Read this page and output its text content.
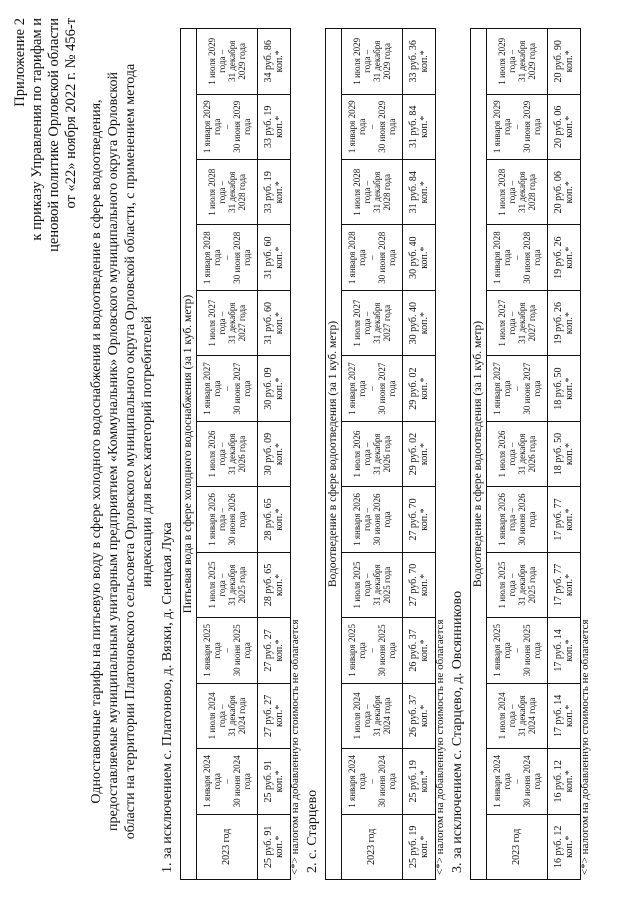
Приложение 2 к приказу Управления по тарифам и ценовой политике Орловской области от «22» ноября 2022 г. № 456-т Одноставочные тарифы на питьевую воду в сфере холодного водоснабжения и водоотведение в сфере водоотведения, предоставляемые муниципальным унитарным предприятием «Коммунальник» Орловского муниципального округа Орловской области на территории Платоновского сельсовета Орловского муниципального округа Орловской области, с применением метода индексации для всех категорий потребителей
1. за исключением с. Платоново, д. Вязки, д. Снецкая Лука
Питьевая вода в сфере холодного водоснабжения (за 1 куб. метр)												

2023 год	1 января 2024 года – 30 июня 2024 года	1 июля 2024 года – 31 декабря 2024 года	1 января 2025 года – 30 июня 2025 года	1 июля 2025 года – 31 декабря 2025 года	1 января 2026 года – 30 июня 2026 года	1 июля 2026 года – 31 декабря 2026 года	1 января 2027 года – 30 июня 2027 года	1 июля 2027 года – 31 декабря 2027 года	1 января 2028 года – 30 июня 2028 года	1 июля 2028 года – 31 декабря 2028 года	1 января 2029 года – 30 июня 2029 года	1 июля 2029 года – 31 декабря 2029 года

25 руб. 91 коп.*	25 руб. 91 коп.*	27 руб. 27 коп.*	27 руб. 27 коп.*	28 руб. 65 коп.*	28 руб. 65 коп.*	30 руб. 09 коп.*	30 руб. 09 коп.*	31 руб. 60 коп.*	31 руб. 60 коп.*	33 руб. 19 коп.*	33 руб. 19 коп.*	34 руб. 86 коп.*
<*> налогом на добавленную стоимость не облагается 2. с. Старцево
Водоотведение в сфере водоотведения (за 1 куб. метр)												

2023 год	1 января 2024 года – 30 июня 2024 года	1 июля 2024 года – 31 декабря 2024 года	1 января 2025 года – 30 июня 2025 года	1 июля 2025 года – 31 декабря 2025 года	1 января 2026 года – 30 июня 2026 года	1 июля 2026 года – 31 декабря 2026 года	1 января 2027 года – 30 июня 2027 года	1 июля 2027 года – 31 декабря 2027 года	1 января 2028 года – 30 июня 2028 года	1 июля 2028 года – 31 декабря 2028 года	1 января 2029 года – 30 июня 2029 года	1 июля 2029 года – 31 декабря 2029 года

25 руб. 19 коп.*	25 руб. 19 коп.*	26 руб. 37 коп.*	26 руб. 37 коп.*	27 руб. 70 коп.*	27 руб. 70 коп.*	29 руб. 02 коп.*	29 руб. 02 коп.*	30 руб. 40 коп.*	30 руб. 40 коп.*	31 руб. 84 коп.*	31 руб. 84 коп.*	33 руб. 36 коп.*
<*> налогом на добавленную стоимость не облагается 3. за исключением с. Старцево, д. Овсянниково
Водоотведение в сфере водоотведения (за 1 куб. метр)												

2023 год	1 января 2024 года – 30 июня 2024 года	1 июля 2024 года – 31 декабря 2024 года	1 января 2025 года – 30 июня 2025 года	1 июля 2025 года – 31 декабря 2025 года	1 января 2026 года – 30 июня 2026 года	1 июля 2026 года – 31 декабря 2026 года	1 января 2027 года – 30 июня 2027 года	1 июля 2027 года – 31 декабря 2027 года	1 января 2028 года – 30 июня 2028 года	1 июля 2028 года – 31 декабря 2028 года	1 января 2029 года – 30 июня 2029 года	1 июля 2029 года – 31 декабря 2029 года

16 руб. 12 коп.*	16 руб. 12 коп.*	17 руб. 14 коп.*	17 руб. 14 коп.*	17 руб. 77 коп.*	17 руб. 77 коп.*	18 руб. 50 коп.*	18 руб. 50 коп.*	19 руб. 26 коп.*	19 руб. 26 коп.*	20 руб. 06 коп.*	20 руб. 06 коп.*	20 руб. 90 коп.*
<*> налогом на добавленную стоимость не облагается
